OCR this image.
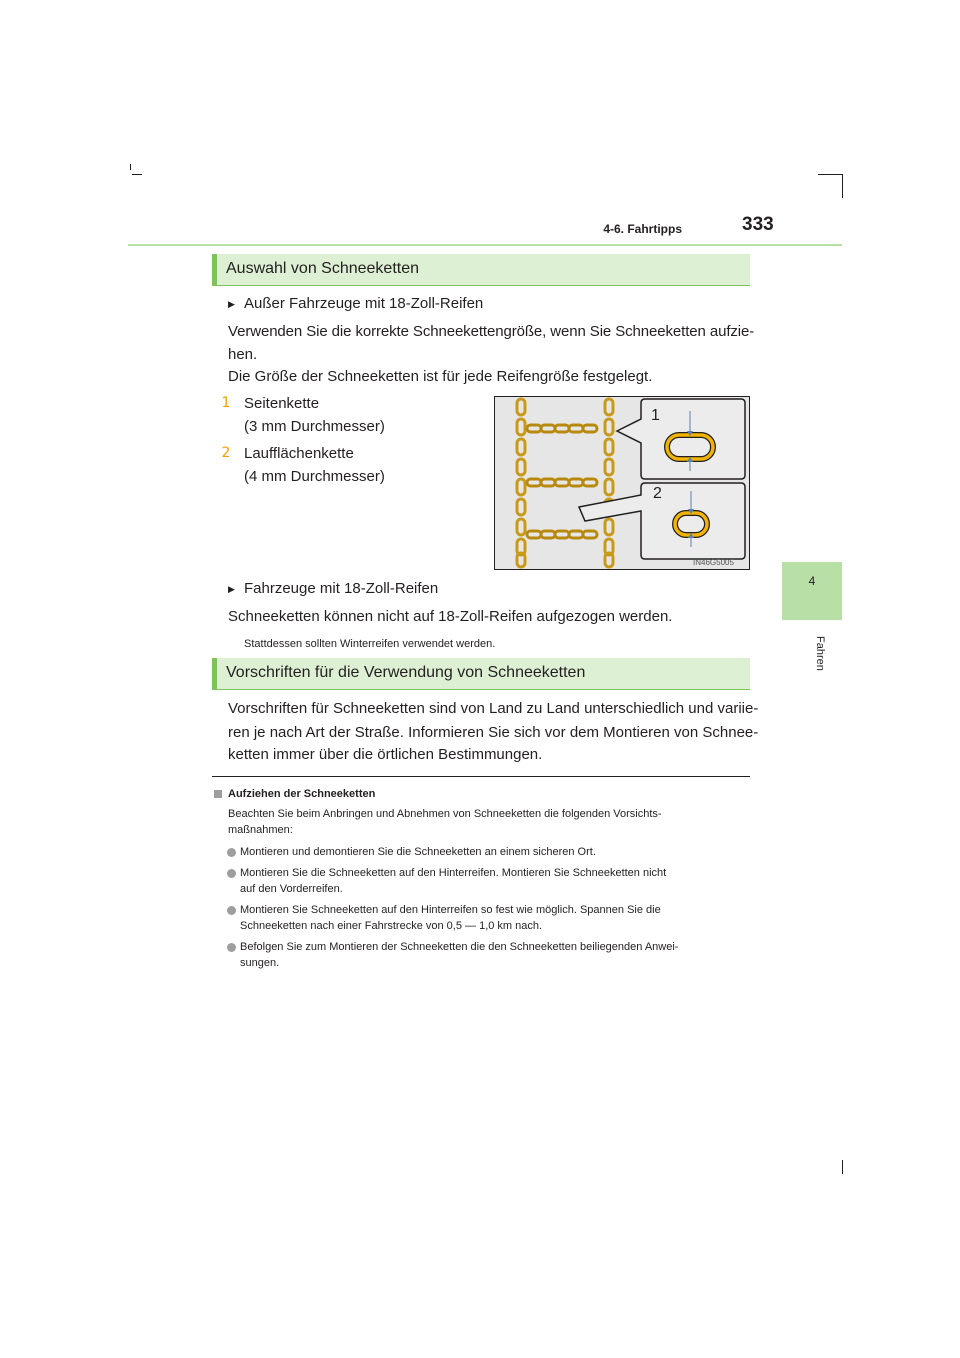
4-6. Fahrtipps	333
4
Fahren
Auswahl von Schneeketten
▶ Außer Fahrzeuge mit 18-Zoll-Reifen
Verwenden Sie die korrekte Schneekettengröße, wenn Sie Schneeketten aufzie-
hen.
Die Größe der Schneeketten ist für jede Reifengröße festgelegt.
1 Seitenkette
(3 mm Durchmesser)
2 Laufflächenkette
(4 mm Durchmesser)
1
2
IN46G5005
▶ Fahrzeuge mit 18-Zoll-Reifen
Schneeketten können nicht auf 18-Zoll-Reifen aufgezogen werden.
Stattdessen sollten Winterreifen verwendet werden.
Vorschriften für die Verwendung von Schneeketten
Vorschriften für Schneeketten sind von Land zu Land unterschiedlich und variie-
ren je nach Art der Straße. Informieren Sie sich vor dem Montieren von Schnee-
ketten immer über die örtlichen Bestimmungen.
Aufziehen der Schneeketten
Beachten Sie beim Anbringen und Abnehmen von Schneeketten die folgenden Vorsichts-
maßnahmen:
Montieren und demontieren Sie die Schneeketten an einem sicheren Ort.
Montieren Sie die Schneeketten auf den Hinterreifen. Montieren Sie Schneeketten nicht
auf den Vorderreifen.
Montieren Sie Schneeketten auf den Hinterreifen so fest wie möglich. Spannen Sie die
Schneeketten nach einer Fahrstrecke von 0,5 — 1,0 km nach.
Befolgen Sie zum Montieren der Schneeketten die den Schneeketten beiliegenden Anwei-
sungen.
